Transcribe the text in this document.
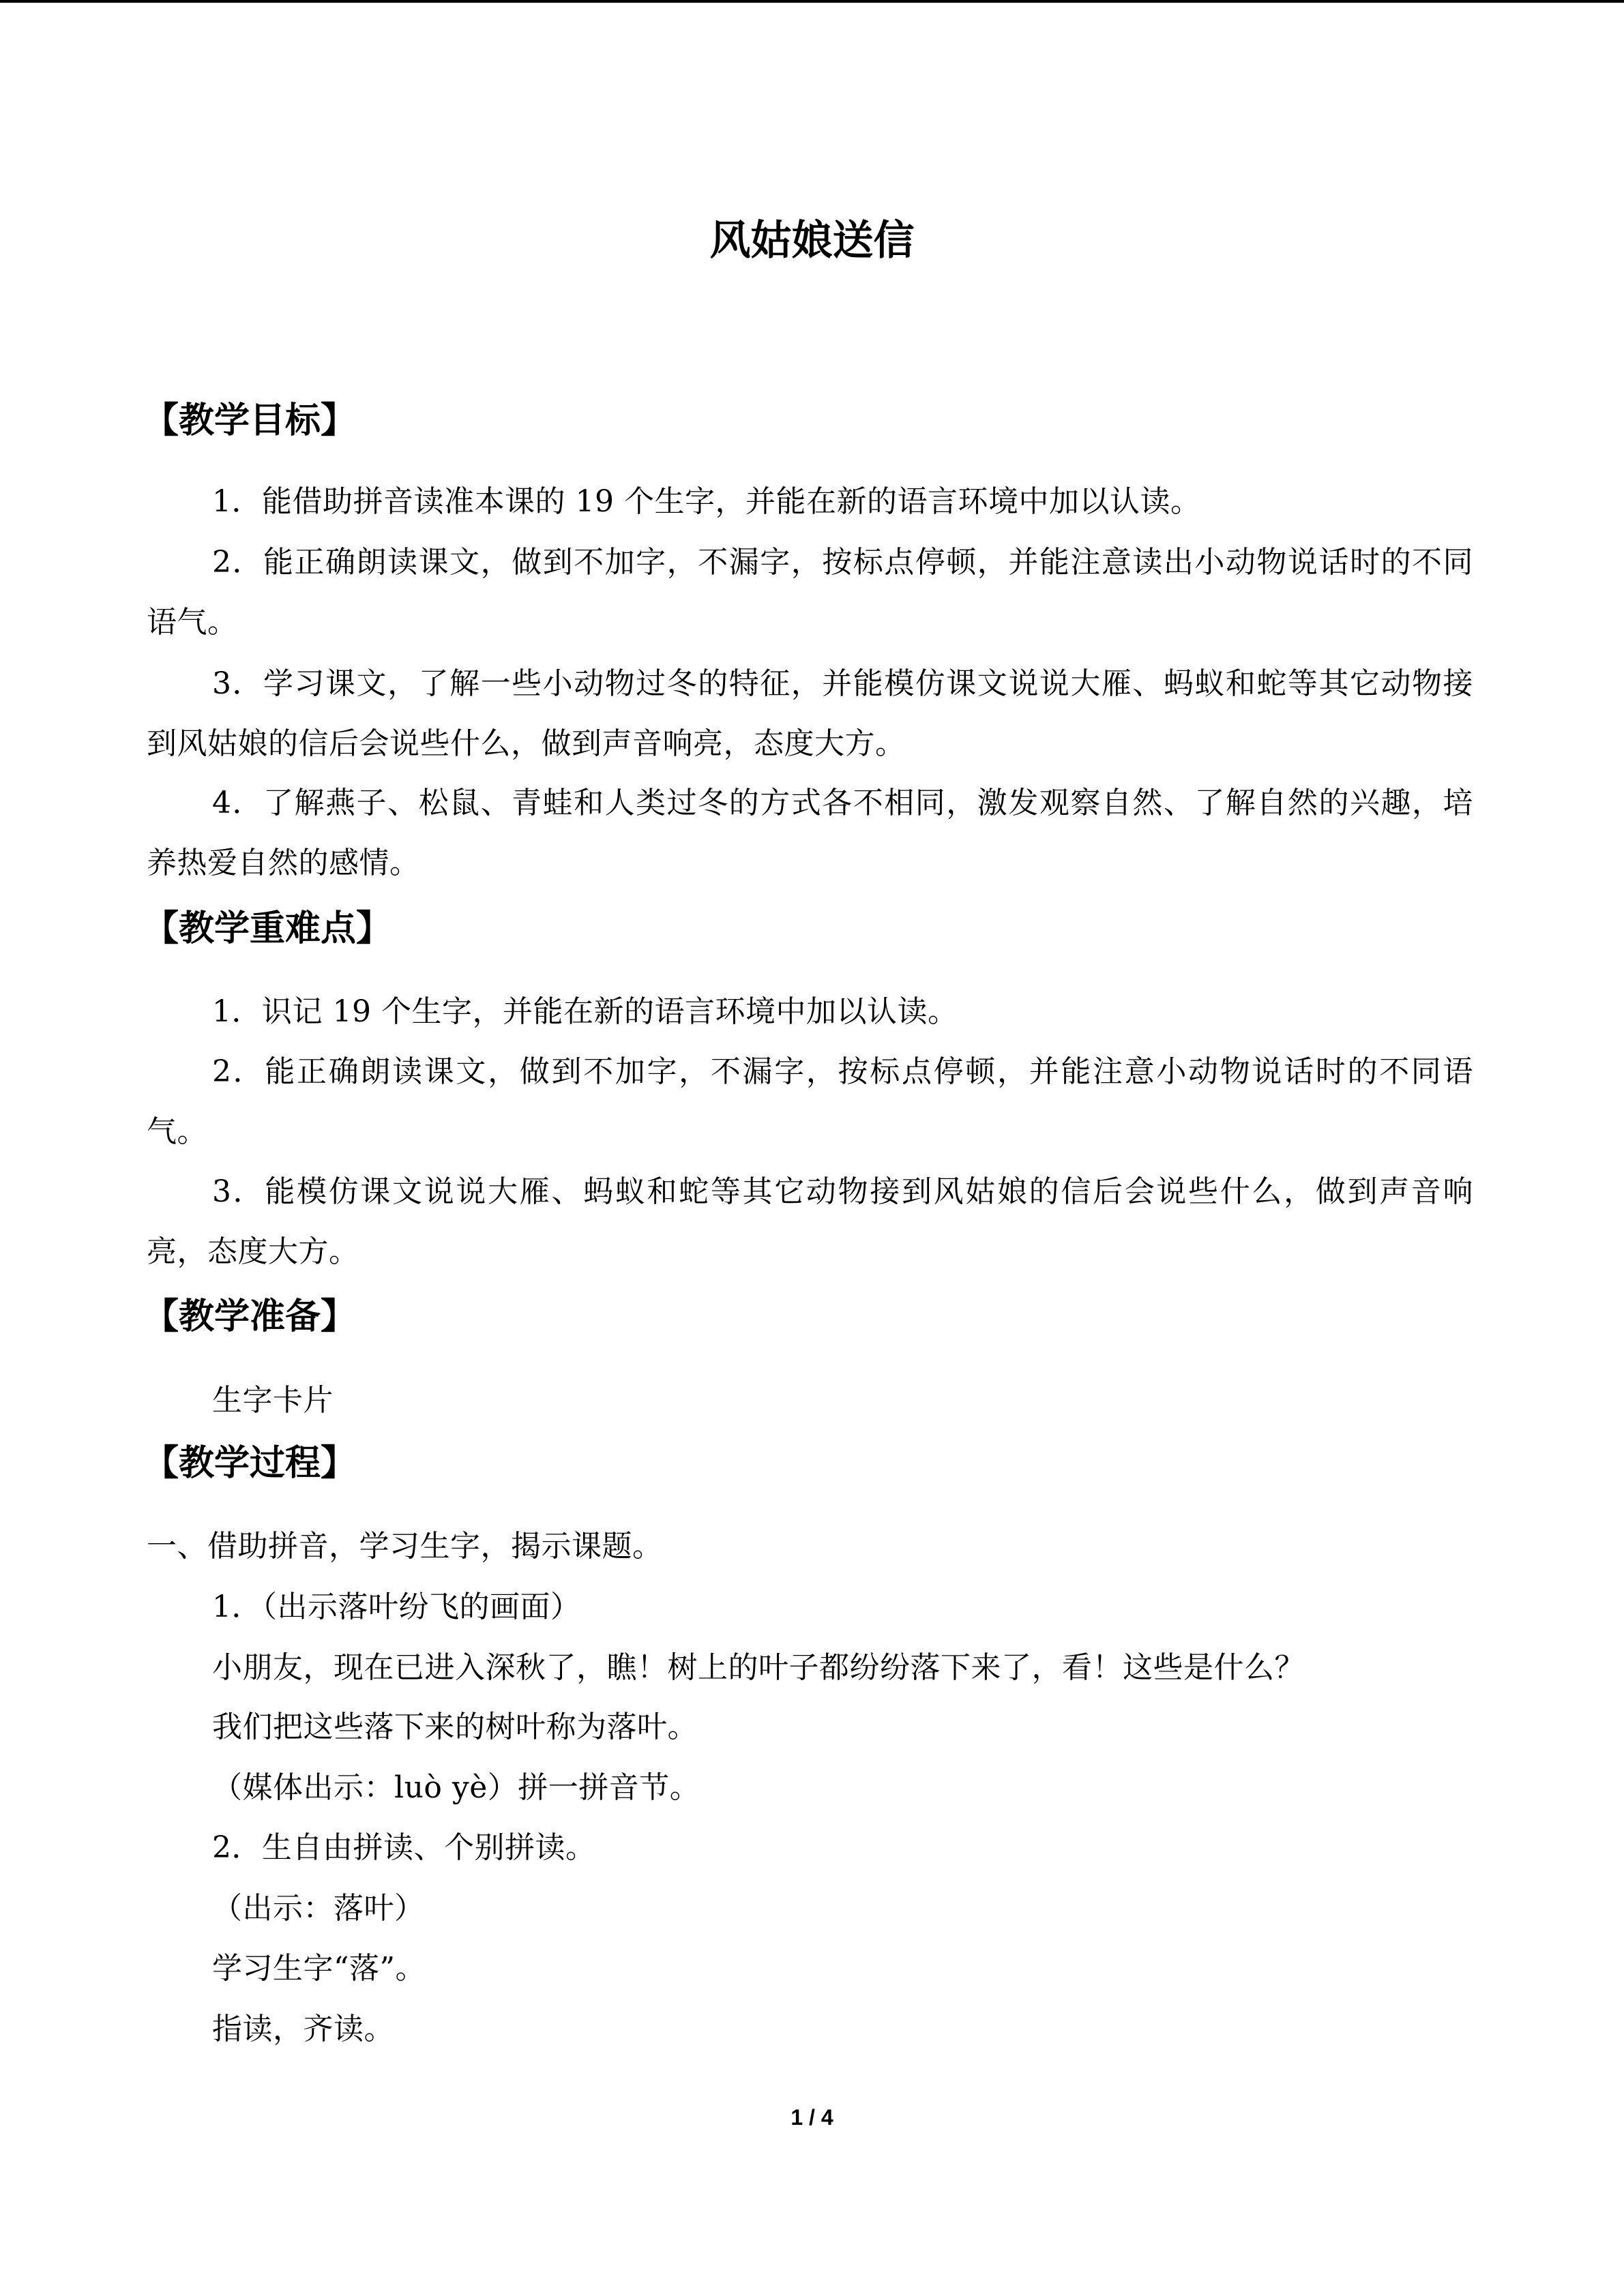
风姑娘送信
【教学目标】
1．能借助拼音读准本课的 19 个生字，并能在新的语言环境中加以认读。
2．能正确朗读课文，做到不加字，不漏字，按标点停顿，并能注意读出小动物说话时的不同语气。
3．学习课文，了解一些小动物过冬的特征，并能模仿课文说说大雁、蚂蚁和蛇等其它动物接到风姑娘的信后会说些什么，做到声音响亮，态度大方。
4．了解燕子、松鼠、青蛙和人类过冬的方式各不相同，激发观察自然、了解自然的兴趣，培养热爱自然的感情。
【教学重难点】
1．识记 19 个生字，并能在新的语言环境中加以认读。
2．能正确朗读课文，做到不加字，不漏字，按标点停顿，并能注意小动物说话时的不同语气。
3．能模仿课文说说大雁、蚂蚁和蛇等其它动物接到风姑娘的信后会说些什么，做到声音响亮，态度大方。
【教学准备】
生字卡片
【教学过程】
一、借助拼音，学习生字，揭示课题。
1．（出示落叶纷飞的画面）
小朋友，现在已进入深秋了，瞧！树上的叶子都纷纷落下来了，看！这些是什么？
我们把这些落下来的树叶称为落叶。
（媒体出示：luò yè）拼一拼音节。
2．生自由拼读、个别拼读。
（出示：落叶）
学习生字“落”。
指读，齐读。
1 / 4
